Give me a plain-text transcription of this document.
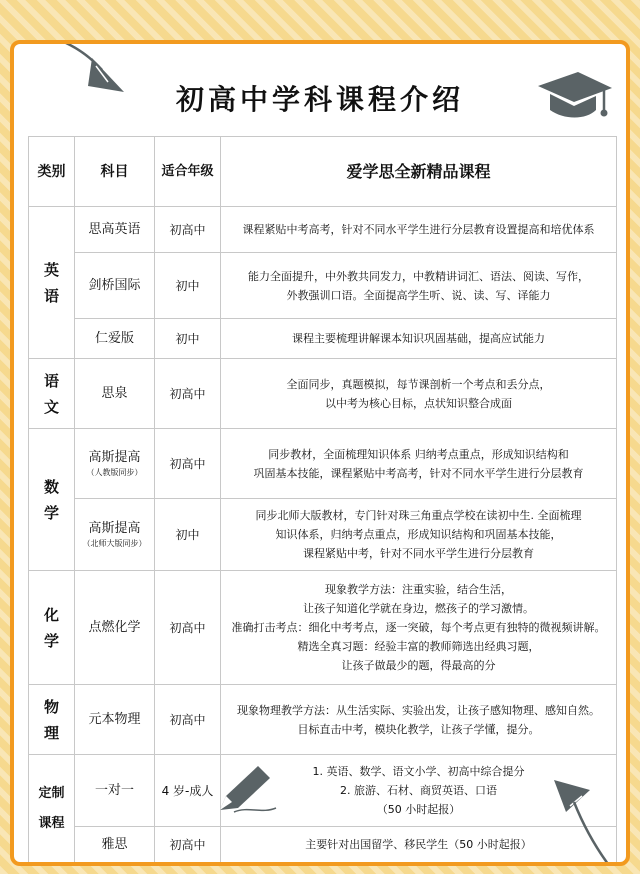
初高中学科课程介绍
类别	科目	适合年级	爱学思全新精品课程

英
语	思高英语	初高中	课程紧贴中考高考，针对不同水平学生进行分层教育设置提高和培优体系

	剑桥国际	初中	能力全面提升，中外教共同发力，中教精讲词汇、语法、阅读、写作，
外教强训口语。全面提高学生听、说、读、写、译能力

	仁爱版	初中	课程主要梳理讲解课本知识巩固基础，提高应试能力

语
文	思泉	初高中	全面同步，真题模拟，每节课剖析一个考点和丢分点，
以中考为核心目标，点状知识整合成面

数
学	高斯提高
（人教版同步）	初高中	同步教材，全面梳理知识体系 归纳考点重点，形成知识结构和
巩固基本技能，课程紧贴中考高考，针对不同水平学生进行分层教育

	高斯提高
（北师大版同步）	初中	同步北师大版教材，专门针对珠三角重点学校在读初中生. 全面梳理
知识体系，归纳考点重点，形成知识结构和巩固基本技能，
课程紧贴中考，针对不同水平学生进行分层教育

化
学	点燃化学	初高中	现象教学方法：注重实验，结合生活，
让孩子知道化学就在身边，燃孩子的学习激情。
准确打击考点：细化中考考点，逐一突破，每个考点更有独特的微视频讲解。
精选全真习题：经验丰富的教师筛选出经典习题，
让孩子做最少的题，得最高的分

物
理	元本物理	初高中	现象物理教学方法：从生活实际、实验出发，让孩子感知物理、感知自然。
目标直击中考，模块化教学，让孩子学懂，提分。

定制
课程	一对一	4 岁-成人	1. 英语、数学、语文小学、初高中综合提分
2. 旅游、石材、商贸英语、口语
（50 小时起报）

	雅思	初高中	主要针对出国留学、移民学生（50 小时起报）
